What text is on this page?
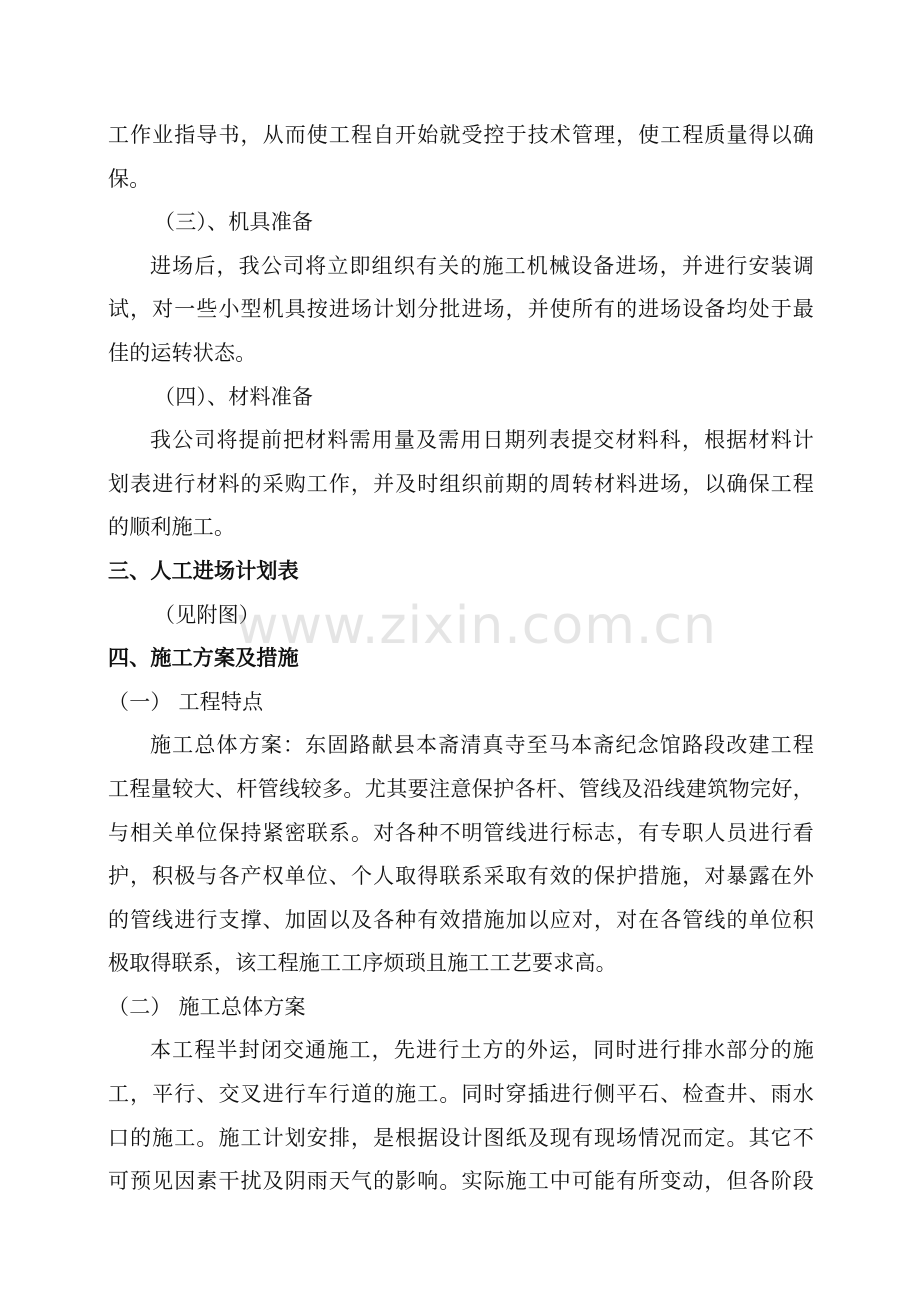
工作业指导书，从而使工程自开始就受控于技术管理，使工程质量得以确
保。
（三）、机具准备
进场后，我公司将立即组织有关的施工机械设备进场，并进行安装调
试，对一些小型机具按进场计划分批进场，并使所有的进场设备均处于最
佳的运转状态。
（四）、材料准备
我公司将提前把材料需用量及需用日期列表提交材料科，根据材料计
划表进行材料的采购工作，并及时组织前期的周转材料进场，以确保工程
的顺利施工。
三、人工进场计划表
（见附图）
四、施工方案及措施
（一） 工程特点
施工总体方案：东固路献县本斋清真寺至马本斋纪念馆路段改建工程
工程量较大、杆管线较多。尤其要注意保护各杆、管线及沿线建筑物完好，
与相关单位保持紧密联系。对各种不明管线进行标志，有专职人员进行看
护，积极与各产权单位、个人取得联系采取有效的保护措施，对暴露在外
的管线进行支撑、加固以及各种有效措施加以应对，对在各管线的单位积
极取得联系，该工程施工工序烦琐且施工工艺要求高。
（二） 施工总体方案
本工程半封闭交通施工，先进行土方的外运，同时进行排水部分的施
工，平行、交叉进行车行道的施工。同时穿插进行侧平石、检查井、雨水
口的施工。施工计划安排，是根据设计图纸及现有现场情况而定。其它不
可预见因素干扰及阴雨天气的影响。实际施工中可能有所变动，但各阶段
www.zixin.com.cn
